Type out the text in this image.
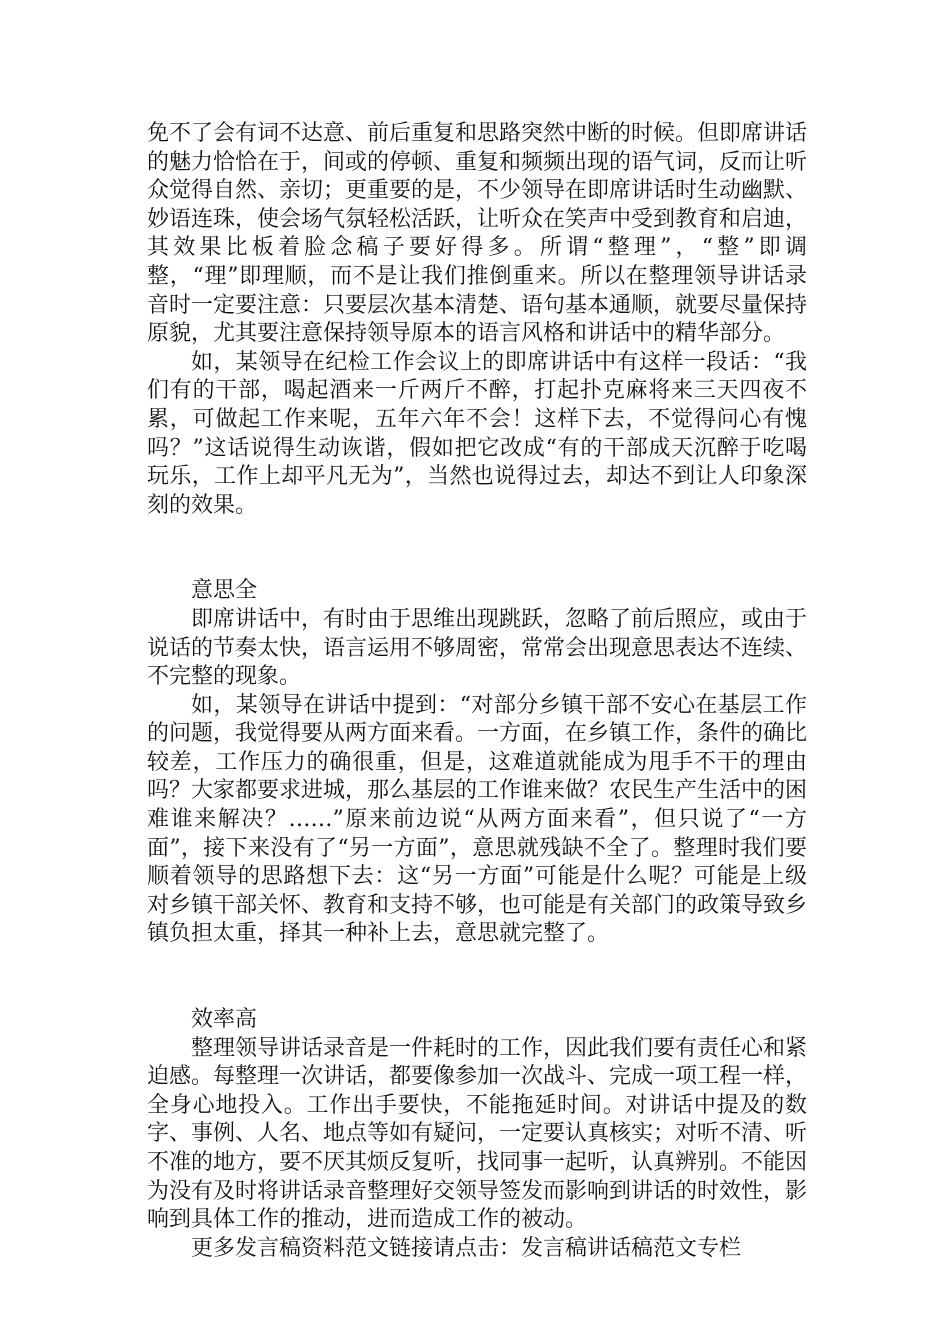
免不了会有词不达意、前后重复和思路突然中断的时候。但即席讲话的魅力恰恰在于，间或的停顿、重复和频频出现的语气词，反而让听众觉得自然、亲切；更重要的是，不少领导在即席讲话时生动幽默、妙语连珠，使会场气氛轻松活跃，让听众在笑声中受到教育和启迪，其效果比板着脸念稿子要好得多。所谓“整理”，“整”即调整，“理”即理顺，而不是让我们推倒重来。所以在整理领导讲话录音时一定要注意：只要层次基本清楚、语句基本通顺，就要尽量保持原貌，尤其要注意保持领导原本的语言风格和讲话中的精华部分。

如，某领导在纪检工作会议上的即席讲话中有这样一段话：“我们有的干部，喝起酒来一斤两斤不醉，打起扑克麻将来三天四夜不累，可做起工作来呢，五年六年不会！这样下去，不觉得问心有愧吗？”这话说得生动诙谐，假如把它改成“有的干部成天沉醉于吃喝玩乐，工作上却平凡无为”，当然也说得过去，却达不到让人印象深刻的效果。

意思全

即席讲话中，有时由于思维出现跳跃，忽略了前后照应，或由于说话的节奏太快，语言运用不够周密，常常会出现意思表达不连续、不完整的现象。

如，某领导在讲话中提到：“对部分乡镇干部不安心在基层工作的问题，我觉得要从两方面来看。一方面，在乡镇工作，条件的确比较差，工作压力的确很重，但是，这难道就能成为甩手不干的理由吗？大家都要求进城，那么基层的工作谁来做？农民生产生活中的困难谁来解决？……”原来前边说“从两方面来看”，但只说了“一方面”，接下来没有了“另一方面”，意思就残缺不全了。整理时我们要顺着领导的思路想下去：这“另一方面”可能是什么呢？可能是上级对乡镇干部关怀、教育和支持不够，也可能是有关部门的政策导致乡镇负担太重，择其一种补上去，意思就完整了。

效率高

整理领导讲话录音是一件耗时的工作，因此我们要有责任心和紧迫感。每整理一次讲话，都要像参加一次战斗、完成一项工程一样，全身心地投入。工作出手要快，不能拖延时间。对讲话中提及的数字、事例、人名、地点等如有疑问，一定要认真核实；对听不清、听不准的地方，要不厌其烦反复听，找同事一起听，认真辨别。不能因为没有及时将讲话录音整理好交领导签发而影响到讲话的时效性，影响到具体工作的推动，进而造成工作的被动。

更多发言稿资料范文链接请点击：发言稿讲话稿范文专栏
